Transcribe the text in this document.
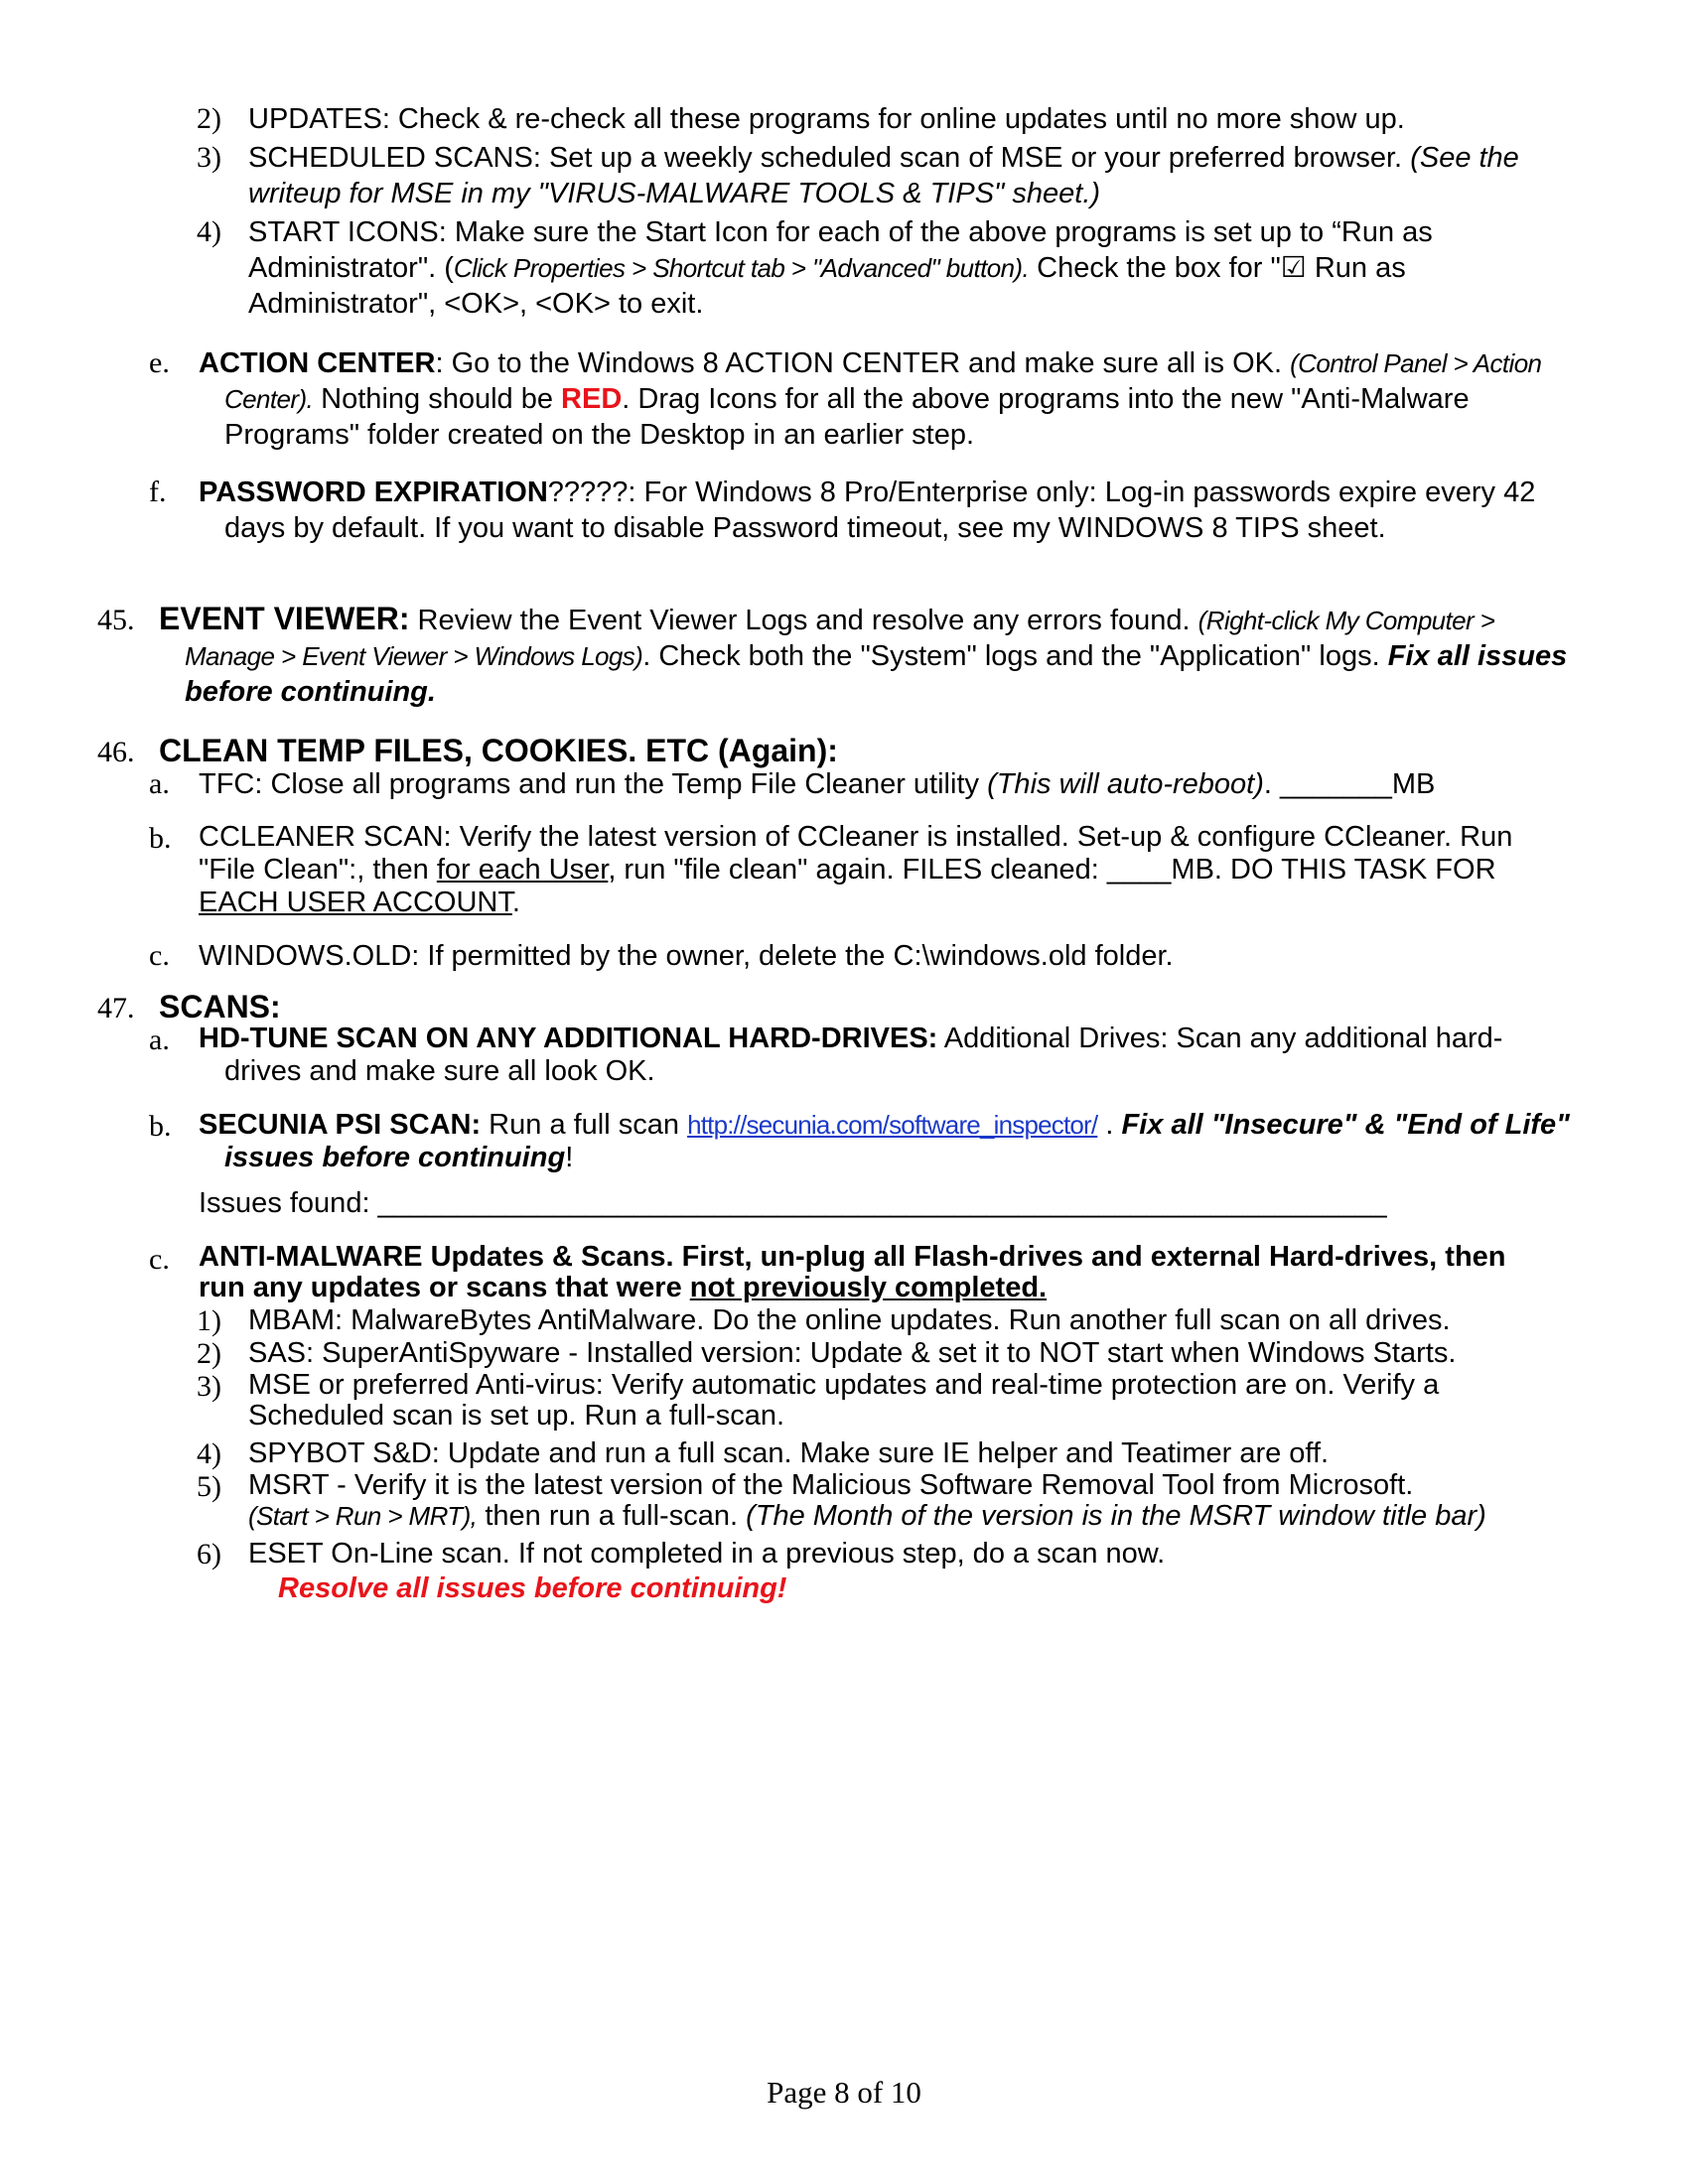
2) UPDATES: Check & re-check all these programs for online updates until no more show up.
3) SCHEDULED SCANS: Set up a weekly scheduled scan of MSE or your preferred browser. (See the writeup for MSE in my "VIRUS-MALWARE TOOLS & TIPS" sheet.)
4) START ICONS: Make sure the Start Icon for each of the above programs is set up to “Run as Administrator". (Click Properties > Shortcut tab > "Advanced" button). Check the box for "☑ Run as Administrator", <OK>, <OK> to exit.
e. ACTION CENTER: Go to the Windows 8 ACTION CENTER and make sure all is OK. (Control Panel > Action Center). Nothing should be RED. Drag Icons for all the above programs into the new "Anti-Malware Programs" folder created on the Desktop in an earlier step.
f. PASSWORD EXPIRATION?????: For Windows 8 Pro/Enterprise only: Log-in passwords expire every 42 days by default. If you want to disable Password timeout, see my WINDOWS 8 TIPS sheet.
45. EVENT VIEWER: Review the Event Viewer Logs and resolve any errors found. (Right-click My Computer > Manage > Event Viewer > Windows Logs). Check both the "System" logs and the "Application" logs. Fix all issues before continuing.
46. CLEAN TEMP FILES, COOKIES. ETC (Again):
a. TFC: Close all programs and run the Temp File Cleaner utility (This will auto-reboot). _______MB
b. CCLEANER SCAN: Verify the latest version of CCleaner is installed. Set-up & configure CCleaner. Run "File Clean":, then for each User, run "file clean" again. FILES cleaned: ____MB. DO THIS TASK FOR EACH USER ACCOUNT.
c. WINDOWS.OLD: If permitted by the owner, delete the C:\windows.old folder.
47. SCANS:
a. HD-TUNE SCAN ON ANY ADDITIONAL HARD-DRIVES: Additional Drives: Scan any additional hard-drives and make sure all look OK.
b. SECUNIA PSI SCAN: Run a full scan http://secunia.com/software_inspector/ . Fix all "Insecure" & "End of Life" issues before continuing!
Issues found: _______________________________________________________________
c. ANTI-MALWARE Updates & Scans. First, un-plug all Flash-drives and external Hard-drives, then run any updates or scans that were not previously completed.
1) MBAM: MalwareBytes AntiMalware. Do the online updates. Run another full scan on all drives.
2) SAS: SuperAntiSpyware - Installed version: Update & set it to NOT start when Windows Starts.
3) MSE or preferred Anti-virus: Verify automatic updates and real-time protection are on. Verify a Scheduled scan is set up. Run a full-scan.
4) SPYBOT S&D: Update and run a full scan. Make sure IE helper and Teatimer are off.
5) MSRT - Verify it is the latest version of the Malicious Software Removal Tool from Microsoft.
(Start > Run > MRT), then run a full-scan. (The Month of the version is in the MSRT window title bar)
6) ESET On-Line scan. If not completed in a previous step, do a scan now.
Resolve all issues before continuing!
Page 8 of 10
